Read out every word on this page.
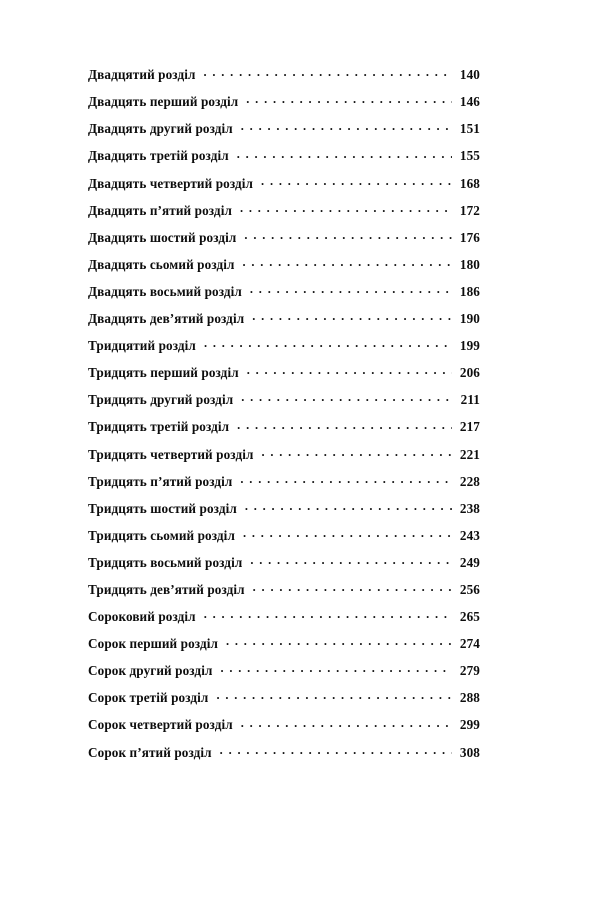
Двадцятий розділ . . .	140
Двадцять перший розділ . . .	146
Двадцять другий розділ . . .	151
Двадцять третій розділ . . .	155
Двадцять четвертий розділ . . .	168
Двадцять п’ятий розділ . . .	172
Двадцять шостий розділ . . .	176
Двадцять сьомий розділ . . .	180
Двадцять восьмий розділ . . .	186
Двадцять дев’ятий розділ . . .	190
Тридцятий розділ . . .	199
Тридцять перший розділ . . .	206
Тридцять другий розділ . . .	211
Тридцять третій розділ . . .	217
Тридцять четвертий розділ . . .	221
Тридцять п’ятий розділ . . .	228
Тридцять шостий розділ . . .	238
Тридцять сьомий розділ . . .	243
Тридцять восьмий розділ . . .	249
Тридцять дев’ятий розділ . . .	256
Сороковий розділ . . .	265
Сорок перший розділ . . .	274
Сорок другий розділ . . .	279
Сорок третій розділ . . .	288
Сорок четвертий розділ . . .	299
Сорок п’ятий розділ . . .	308
